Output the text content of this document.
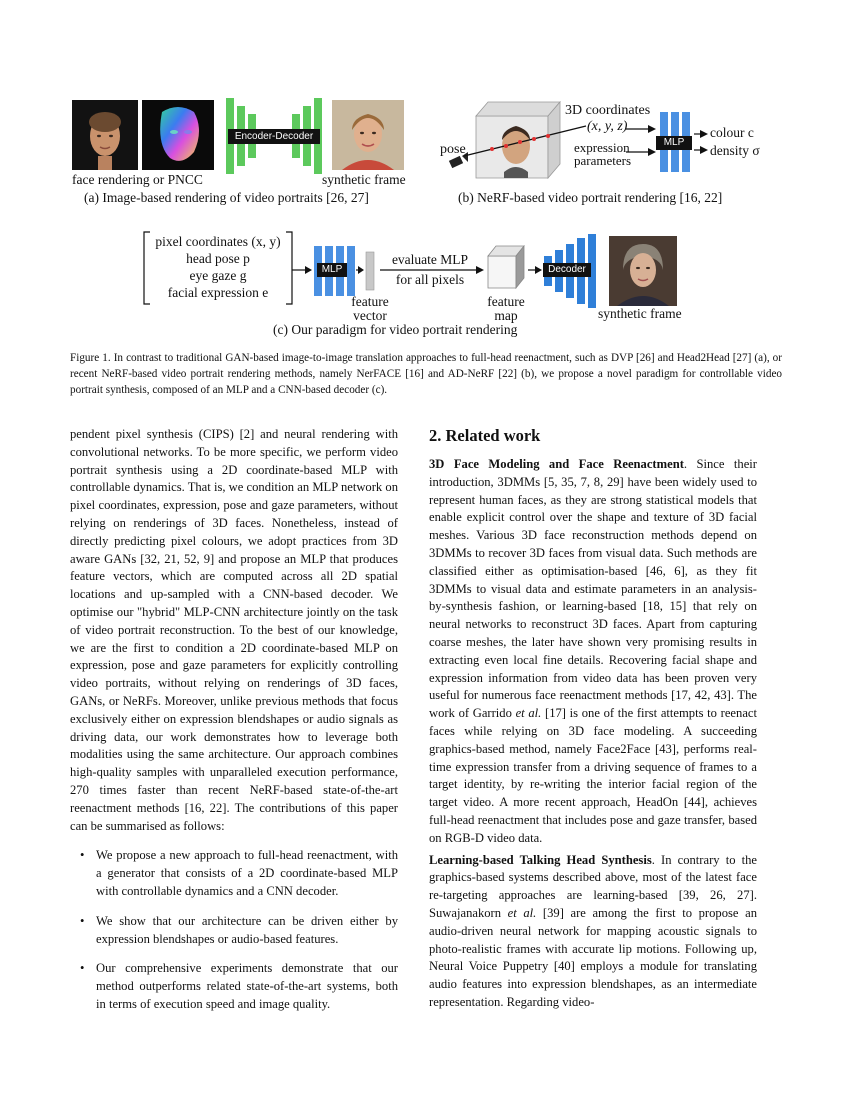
Encoder-Decoder
face rendering or PNCC	synthetic frame
(a) Image-based rendering of video portraits [26, 27]
MLP
3D coordinates
(x, y, z)
pose	expression
parameters
colour c
density σ
(b) NeRF-based video portrait rendering [16, 22]
pixel coordinates (x, y)
head pose p
eye gaze g
facial expression e
MLP	Decoder
evaluate MLP
for all pixels
feature
vector
feature
map	synthetic frame
(c) Our paradigm for video portrait rendering
Figure 1. In contrast to traditional GAN-based image-to-image translation approaches to full-head reenactment, such as DVP [26] and Head2Head [27] (a), or recent NeRF-based video portrait rendering methods, namely NerFACE [16] and AD-NeRF [22] (b), we propose a novel paradigm for controllable video portrait synthesis, composed of an MLP and a CNN-based decoder (c).

pendent pixel synthesis (CIPS) [2] and neural rendering with convolutional networks. To be more specific, we perform video portrait synthesis using a 2D coordinate-based MLP with controllable dynamics. That is, we condition an MLP network on pixel coordinates, expression, pose and gaze parameters, without relying on renderings of 3D faces. Nonetheless, instead of directly predicting pixel colours, we adopt practices from 3D aware GANs [32, 21, 52, 9] and propose an MLP that produces feature vectors, which are computed across all 2D spatial locations and up-sampled with a CNN-based decoder. We optimise our "hybrid" MLP-CNN architecture jointly on the task of video portrait reconstruction. To the best of our knowledge, we are the first to condition a 2D coordinate-based MLP on expression, pose and gaze parameters for explicitly controlling video portraits, without relying on renderings of 3D faces, GANs, or NeRFs. Moreover, unlike previous methods that focus exclusively either on expression blendshapes or audio signals as driving data, our work demonstrates how to leverage both modalities using the same architecture. Our approach combines high-quality samples with unparalleled execution performance, 270 times faster than recent NeRF-based state-of-the-art reenactment methods [16, 22]. The contributions of this paper can be summarised as follows:

• We propose a new approach to full-head reenactment, with a generator that consists of a 2D coordinate-based MLP with controllable dynamics and a CNN decoder.
• We show that our architecture can be driven either by expression blendshapes or audio-based features.
• Our comprehensive experiments demonstrate that our method outperforms related state-of-the-art systems, both in terms of execution speed and image quality.
2. Related work

3D Face Modeling and Face Reenactment. Since their introduction, 3DMMs [5, 35, 7, 8, 29] have been widely used to represent human faces, as they are strong statistical models that enable explicit control over the shape and texture of 3D facial meshes. Various 3D face reconstruction methods depend on 3DMMs to recover 3D faces from visual data. Such methods are classified either as optimisation-based [46, 6], as they fit 3DMMs to visual data and estimate parameters in an analysis-by-synthesis fashion, or learning-based [18, 15] that rely on neural networks to reconstruct 3D faces. Apart from capturing coarse meshes, the later have shown very promising results in extracting even local fine details. Recovering facial shape and expression information from video data has been proven very useful for numerous face reenactment methods [17, 42, 43]. The work of Garrido et al. [17] is one of the first attempts to reenact faces while relying on 3D face modeling. A succeeding graphics-based method, namely Face2Face [43], performs real-time expression transfer from a driving sequence of frames to a target identity, by re-writing the interior facial region of the target video. A more recent approach, HeadOn [44], achieves full-head reenactment that includes pose and gaze transfer, based on RGB-D video data.

Learning-based Talking Head Synthesis. In contrary to the graphics-based systems described above, most of the latest face re-targeting approaches are learning-based [39, 26, 27]. Suwajanakorn et al. [39] are among the first to propose an audio-driven neural network for mapping acoustic signals to photo-realistic frames with accurate lip motions. Following up, Neural Voice Puppetry [40] employs a module for translating audio features into expression blendshapes, as an intermediate representation. Regarding video-
